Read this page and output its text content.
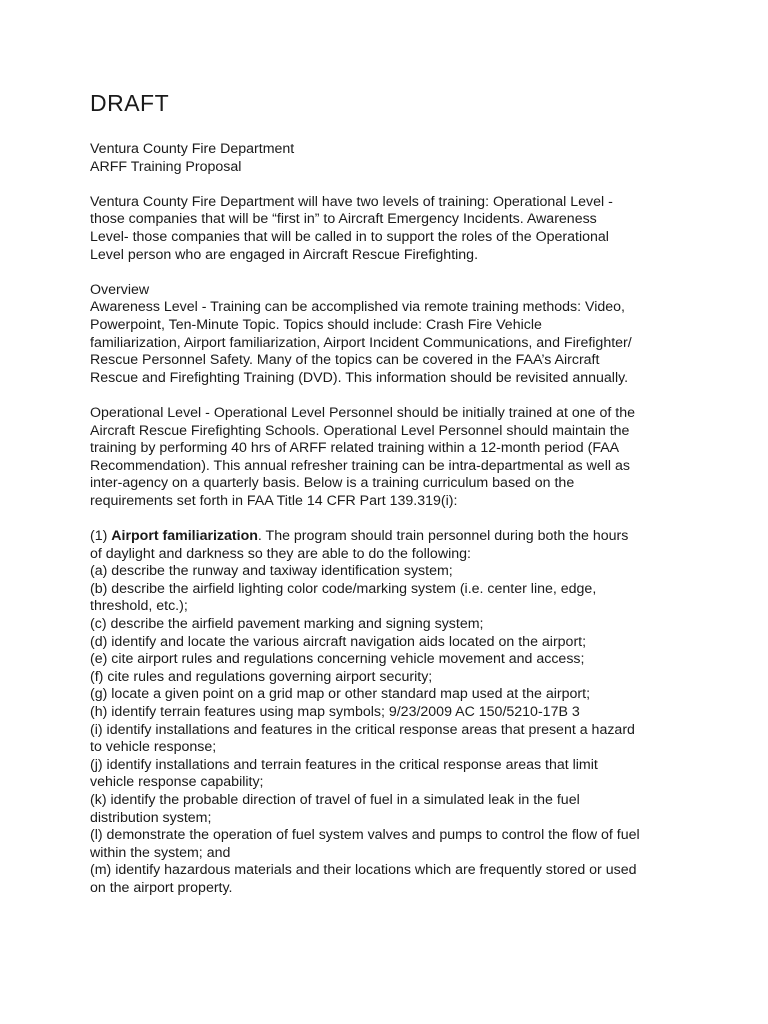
DRAFT
Ventura County Fire Department
ARFF Training Proposal
Ventura County Fire Department will have two levels of training: Operational Level -
those companies that will be “first in” to Aircraft Emergency Incidents. Awareness
Level- those companies that will be called in to support the roles of the Operational
Level person who are engaged in Aircraft Rescue Firefighting.
Overview
Awareness Level - Training can be accomplished via remote training methods: Video,
Powerpoint, Ten-Minute Topic. Topics should include: Crash Fire Vehicle
familiarization, Airport familiarization, Airport Incident Communications, and Firefighter/
Rescue Personnel Safety. Many of the topics can be covered in the FAA’s Aircraft
Rescue and Firefighting Training (DVD). This information should be revisited annually.
Operational Level - Operational Level Personnel should be initially trained at one of the
Aircraft Rescue Firefighting Schools. Operational Level Personnel should maintain the
training by performing 40 hrs of ARFF related training within a 12-month period (FAA
Recommendation). This annual refresher training can be intra-departmental as well as
inter-agency on a quarterly basis. Below is a training curriculum based on the
requirements set forth in FAA Title 14 CFR Part 139.319(i):
(1) Airport familiarization. The program should train personnel during both the hours
of daylight and darkness so they are able to do the following:
(a) describe the runway and taxiway identification system;
(b) describe the airfield lighting color code/marking system (i.e. center line, edge,
threshold, etc.);
(c) describe the airfield pavement marking and signing system;
(d) identify and locate the various aircraft navigation aids located on the airport;
(e) cite airport rules and regulations concerning vehicle movement and access;
(f) cite rules and regulations governing airport security;
(g) locate a given point on a grid map or other standard map used at the airport;
(h) identify terrain features using map symbols; 9/23/2009 AC 150/5210-17B 3
(i) identify installations and features in the critical response areas that present a hazard
to vehicle response;
(j) identify installations and terrain features in the critical response areas that limit
vehicle response capability;
(k) identify the probable direction of travel of fuel in a simulated leak in the fuel
distribution system;
(l) demonstrate the operation of fuel system valves and pumps to control the flow of fuel
within the system; and
(m) identify hazardous materials and their locations which are frequently stored or used
on the airport property.
